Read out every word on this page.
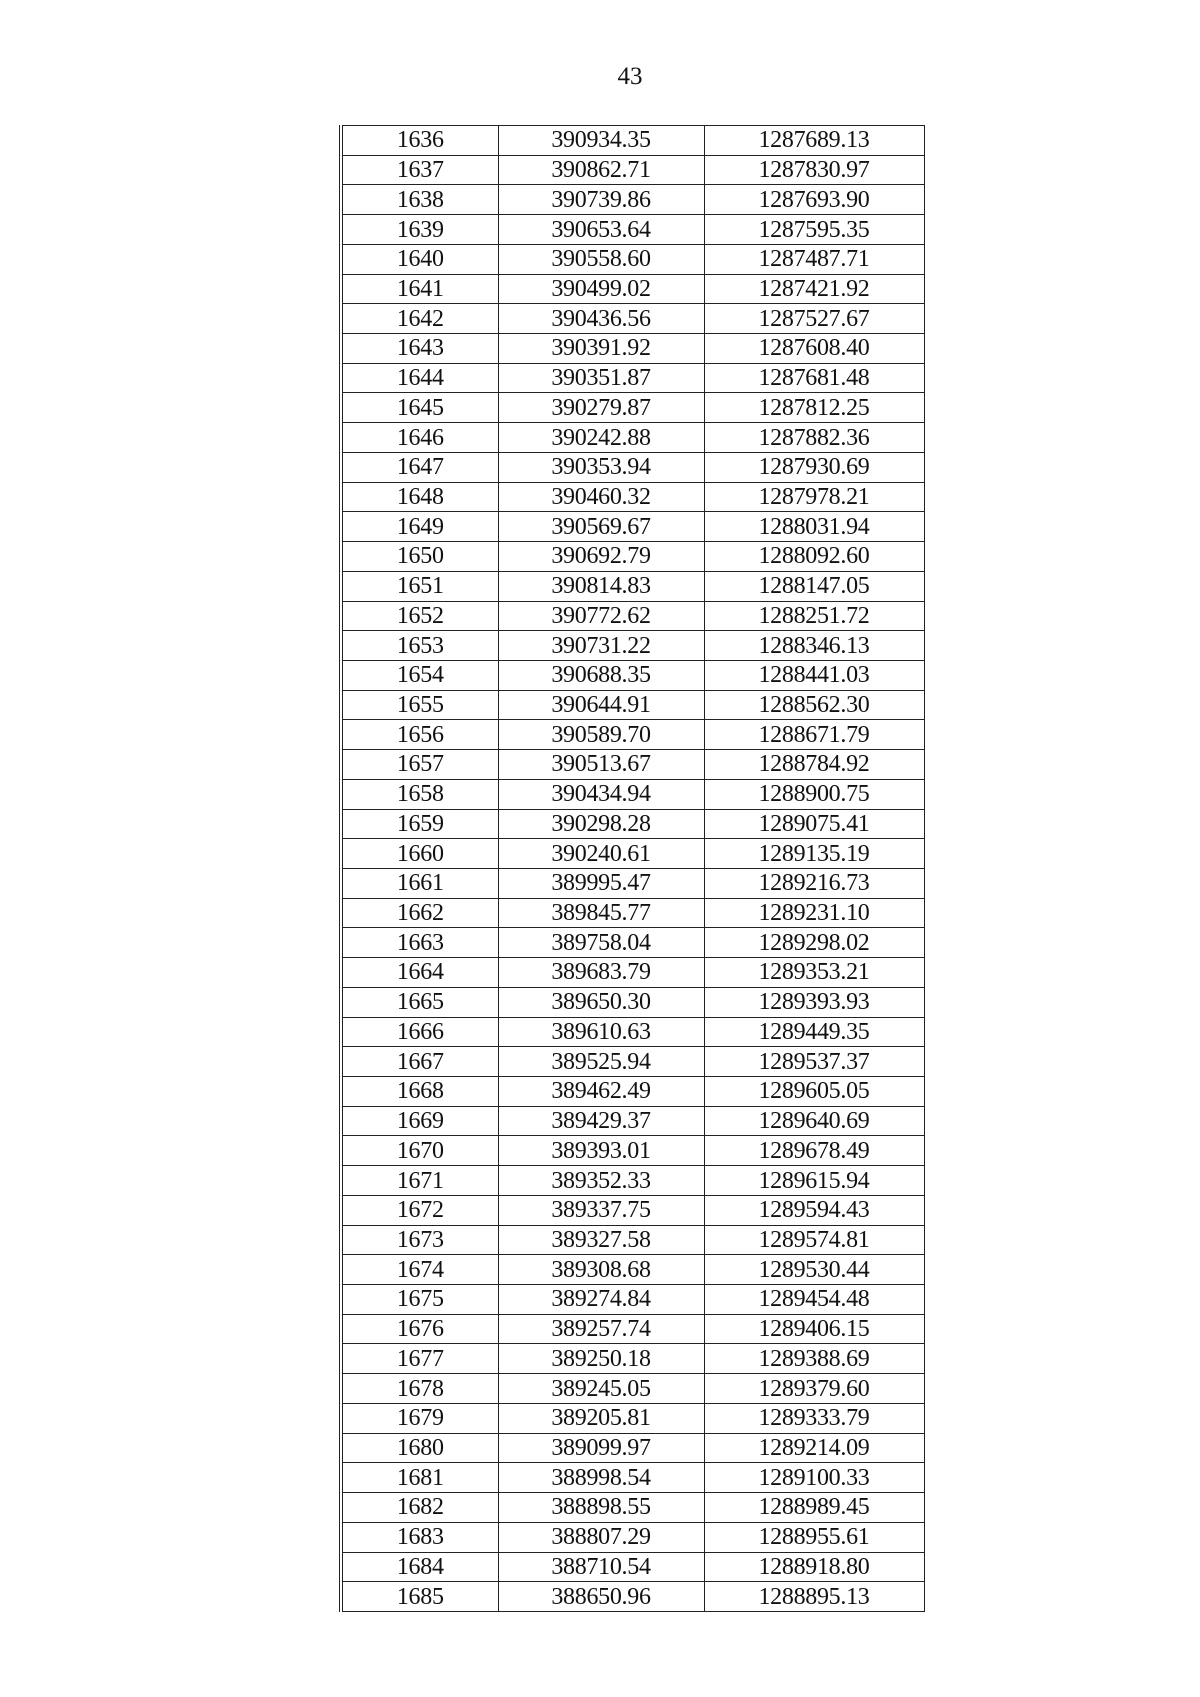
43
1636	390934.35	1287689.13
1637	390862.71	1287830.97
1638	390739.86	1287693.90
1639	390653.64	1287595.35
1640	390558.60	1287487.71
1641	390499.02	1287421.92
1642	390436.56	1287527.67
1643	390391.92	1287608.40
1644	390351.87	1287681.48
1645	390279.87	1287812.25
1646	390242.88	1287882.36
1647	390353.94	1287930.69
1648	390460.32	1287978.21
1649	390569.67	1288031.94
1650	390692.79	1288092.60
1651	390814.83	1288147.05
1652	390772.62	1288251.72
1653	390731.22	1288346.13
1654	390688.35	1288441.03
1655	390644.91	1288562.30
1656	390589.70	1288671.79
1657	390513.67	1288784.92
1658	390434.94	1288900.75
1659	390298.28	1289075.41
1660	390240.61	1289135.19
1661	389995.47	1289216.73
1662	389845.77	1289231.10
1663	389758.04	1289298.02
1664	389683.79	1289353.21
1665	389650.30	1289393.93
1666	389610.63	1289449.35
1667	389525.94	1289537.37
1668	389462.49	1289605.05
1669	389429.37	1289640.69
1670	389393.01	1289678.49
1671	389352.33	1289615.94
1672	389337.75	1289594.43
1673	389327.58	1289574.81
1674	389308.68	1289530.44
1675	389274.84	1289454.48
1676	389257.74	1289406.15
1677	389250.18	1289388.69
1678	389245.05	1289379.60
1679	389205.81	1289333.79
1680	389099.97	1289214.09
1681	388998.54	1289100.33
1682	388898.55	1288989.45
1683	388807.29	1288955.61
1684	388710.54	1288918.80
1685	388650.96	1288895.13
